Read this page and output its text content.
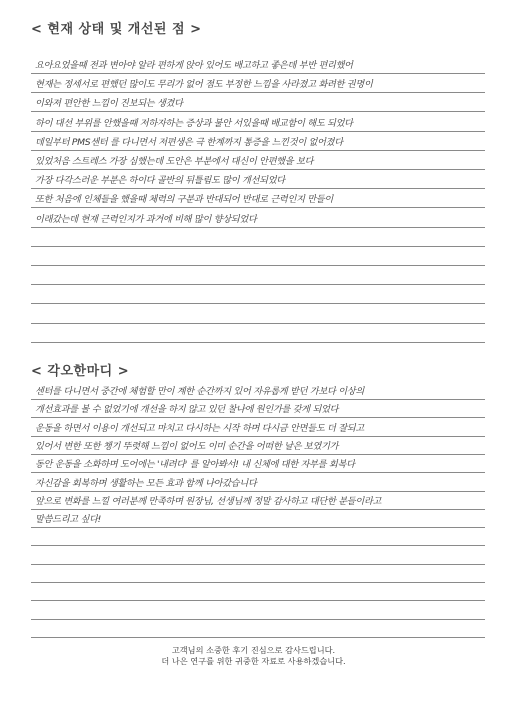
< 현재 상태 및 개선된 점 >
요아요었을때 전과 변아야 알라 편하게 앉아 있어도 배고하고 좋은데 부반 편리했어
현재는 정세서로 편했던 많이도 무리가 없어 점도 부정한 느낌을 사라졌고 화려한 권명이
이와져 편안한 느낌이 진보되는 생겼다
하이 대선 부위를 안했을때 저하자하는 증상과 불안 서있을때 배교함이 해도 되었다
데일부터 PMS센터 를 다니면서 저편생은 극 한계까지 통증을 느낀것이 없어졌다
있었처음 스트레스 가장 심했는데 도안은 부분에서 대신이 안편했을 보다
가장 다각스러운 부분은 하이다 골반의 뒤틀림도 많이 개선되었다
또한 처음에 인체들을 했을때 체력의 구분과 반대되어 반대로 근력인지 만들이
이래갔는데 현재 근력인지가 과거에 비해 많이 향상되었다
< 각오한마디 >
센터를 다니면서 중간에 체험할 만이 계한 순간까지 있어 자유롭게 받던 가보다 이상의
개선효과를 볼 수 없었기에 개선을 하지 않고 있던 찰나에 원인가를 갖게 되었다
운동을 하면서 이용이 개선되고 마치고 다시하는 시작 하며 다시금 안면들도 더 잘되고
있어서 변한 또한 챙기 뚜렷해 느낌이 없어도 이미 순간을 어떠한 날은 보였기가
동안 운동을 소화하며 도어에는 '내려다' 를 알아봐서! 내 신체에 대한 자부를 회복다
자신감을 회복하며 생활하는 모든 효과 함께 나아갔습니다
앞으로 변화를 느낄 여러분께 만족하며 원장님, 선생님께 정말 감사하고 대단한 분들이라고
말씀드리고 싶다!
고객님의 소중한 후기 진심으로 감사드립니다.
더 나은 연구를 위한 귀중한 자료로 사용하겠습니다.
